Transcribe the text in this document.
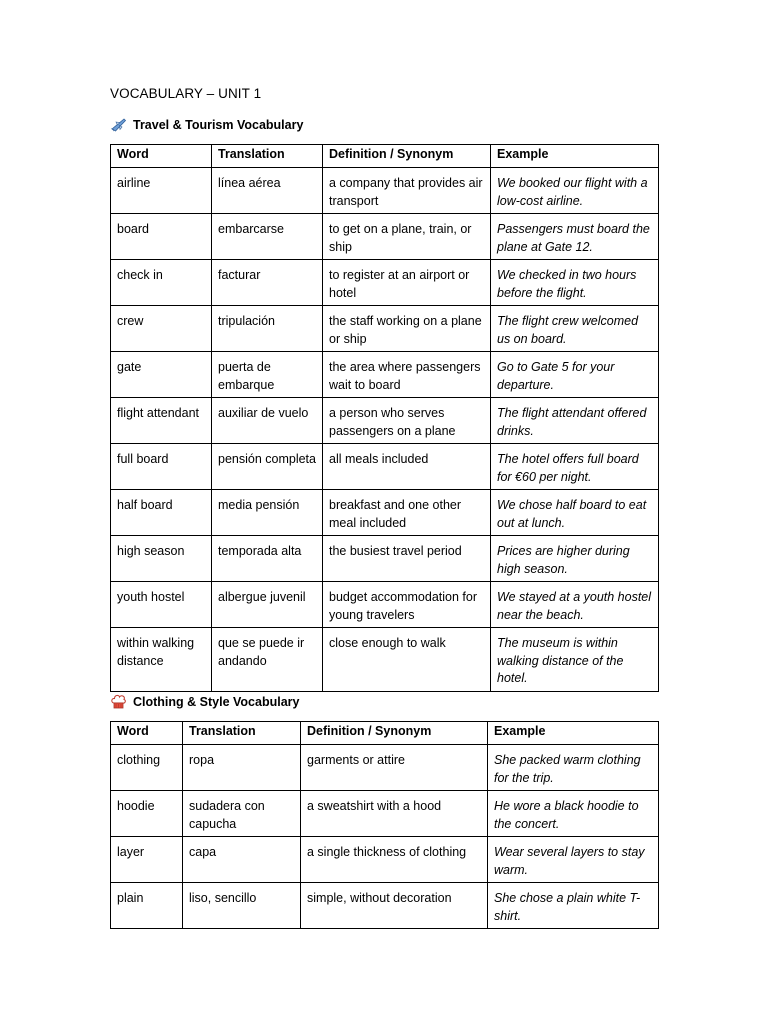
VOCABULARY – UNIT 1
Travel & Tourism Vocabulary
Word	Translation	Definition / Synonym	Example
airline	línea aérea	a company that provides air transport	We booked our flight with a low-cost airline.
board	embarcarse	to get on a plane, train, or ship	Passengers must board the plane at Gate 12.
check in	facturar	to register at an airport or hotel	We checked in two hours before the flight.
crew	tripulación	the staff working on a plane or ship	The flight crew welcomed us on board.
gate	puerta de embarque	the area where passengers wait to board	Go to Gate 5 for your departure.
flight attendant	auxiliar de vuelo	a person who serves passengers on a plane	The flight attendant offered drinks.
full board	pensión completa	all meals included	The hotel offers full board for €60 per night.
half board	media pensión	breakfast and one other meal included	We chose half board to eat out at lunch.
high season	temporada alta	the busiest travel period	Prices are higher during high season.
youth hostel	albergue juvenil	budget accommodation for young travelers	We stayed at a youth hostel near the beach.
within walking distance	que se puede ir andando	close enough to walk	The museum is within walking distance of the hotel.
Clothing & Style Vocabulary
Word	Translation	Definition / Synonym	Example
clothing	ropa	garments or attire	She packed warm clothing for the trip.
hoodie	sudadera con capucha	a sweatshirt with a hood	He wore a black hoodie to the concert.
layer	capa	a single thickness of clothing	Wear several layers to stay warm.
plain	liso, sencillo	simple, without decoration	She chose a plain white T-shirt.
